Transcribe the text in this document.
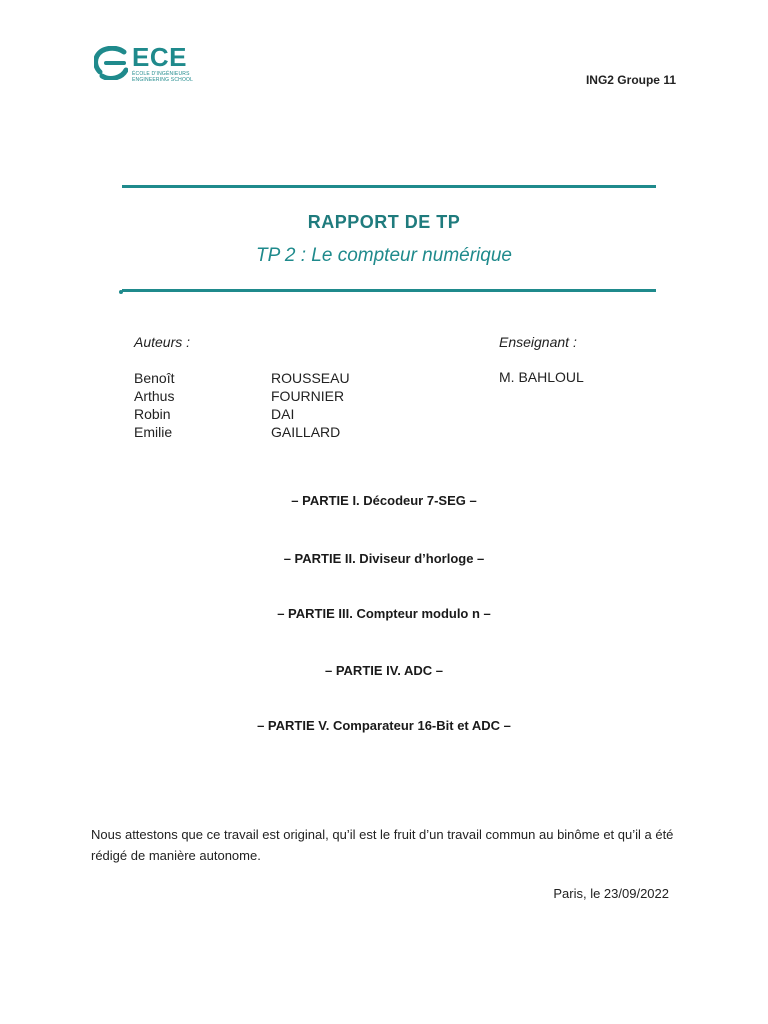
ECE
ÉCOLE D'INGÉNIEURS
ENGINEERING SCHOOL	ING2 Groupe 11
RAPPORT DE TP
TP 2 : Le compteur numérique
Auteurs :	Enseignant :
Benoît
Arthus
Robin
Emilie
ROUSSEAU
FOURNIER
DAI
GAILLARD
M. BAHLOUL
– PARTIE I. Décodeur 7-SEG –
– PARTIE II. Diviseur d’horloge –
– PARTIE III. Compteur modulo n –
– PARTIE IV. ADC –
– PARTIE V. Comparateur 16-Bit et ADC –
Nous attestons que ce travail est original, qu’il est le fruit d’un travail commun au binôme et qu’il a été rédigé de manière autonome.
Paris, le 23/09/2022
